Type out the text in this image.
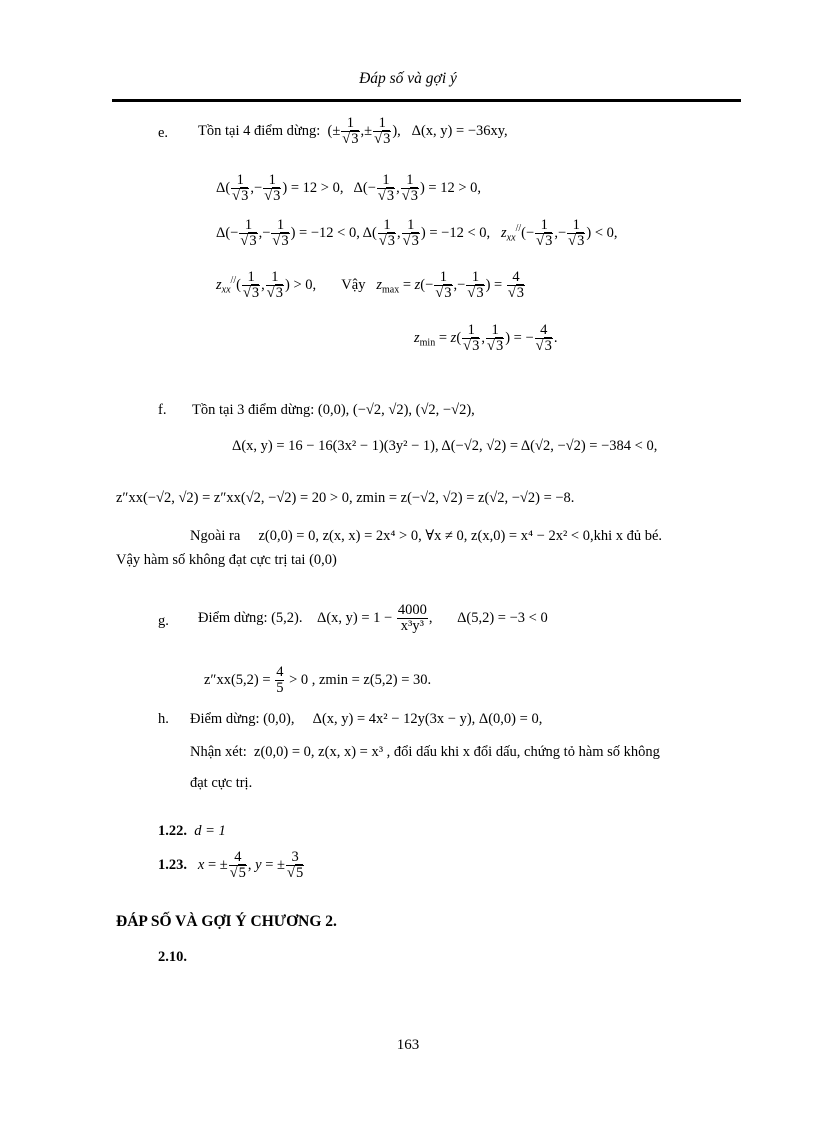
Đáp số và gợi ý
e. Tồn tại 4 điểm dừng:  (± $\frac{1}{√3}$ ,± $\frac{1}{√3}$ ),   Δ(x, y) = −36xy,
$\Delta( \frac{1}{√3}$ ,− $\frac{1}{√3}$ ) = 12 > 0,   $\Delta(- \frac{1}{√3}$ , $\frac{1}{√3}$ ) = 12 > 0,
$\Delta(- \frac{1}{√3}$ ,− $\frac{1}{√3}$ ) = −12 < 0, $\Delta( \frac{1}{√3}$ , $\frac{1}{√3}$ ) = −12 < 0, $z_{xx}^{//}(- \frac{1}{√3}$ ,− $\frac{1}{√3}$ ) < 0,
$z_{xx}^{//}( \frac{1}{√3}$ , $\frac{1}{√3}$ ) > 0, Vậy $z_{max} = z(- \frac{1}{√3}$ ,− $\frac{1}{√3}$ ) = $\frac{4}{√3}$
$z_{min} = z( \frac{1}{√3}$ , $\frac{1}{√3}$ ) = − $\frac{4}{√3}$ .
f. Tồn tại 3 điểm dừng: (0,0), (−√2, √2), (√2, −√2),
Δ(x, y) = 16 − 16(3x² − 1)(3y² − 1), Δ(−√2, √2) = Δ(√2, −√2) = −384 < 0,
z″xx(−√2, √2) = z″xx(√2, −√2) = 20 > 0, zmin = z(−√2, √2) = z(√2, −√2) = −8.
Ngoài ra z(0,0) = 0, z(x, x) = 2x⁴ > 0, ∀x ≠ 0, z(x,0) = x⁴ − 2x² < 0,khi x đủ bé.
Vậy hàm số không đạt cực trị tai (0,0)
g. Điểm dừng: (5,2). Δ(x, $y) = 1 - \frac{4000}{\text{x³y³}}$ ,       Δ(5,2) = −3 < 0
$z''xx(5,2) = \frac{4}{5} > 0$ , zmin = z(5,2) = 30.
h. Điểm dừng: (0,0), Δ(x, y) = 4x² − 12y(3x − y), Δ(0,0) = 0,
Nhận xét: z(0,0) = 0, z(x, x) = x³ , đổi dấu khi x đổi dấu, chứng tỏ hàm số không
đạt cực trị.
1.22. d = 1
1.23. x = ± $\frac{4}{√5}$ , y = ± $\frac{3}{√5}$
ĐÁP SỐ VÀ GỢI Ý CHƯƠNG 2.
2.10.
163
